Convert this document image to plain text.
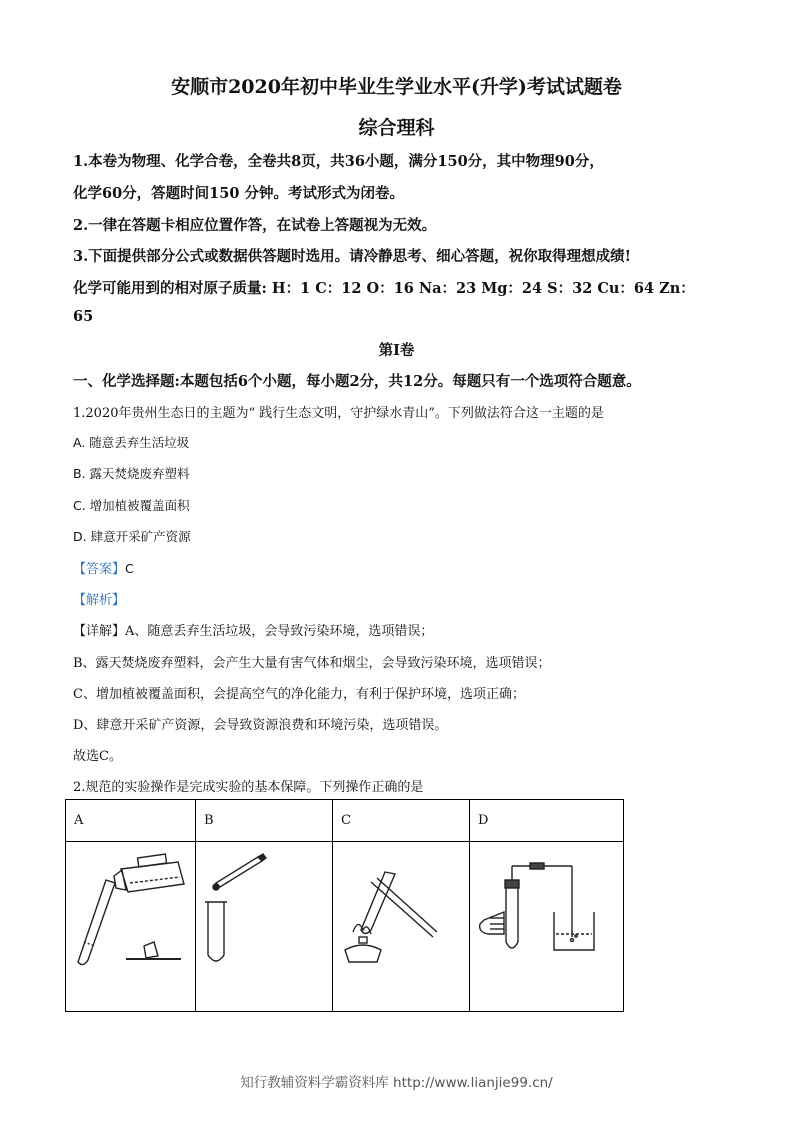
安顺市2020年初中毕业生学业水平(升学)考试试题卷
综合理科
1.本卷为物理、化学合卷，全卷共8页，共36小题，满分150分，其中物理90分，
化学60分，答题时间150 分钟。考试形式为闭卷。
2.一律在答题卡相应位置作答，在试卷上答题视为无效。
3.下面提供部分公式或数据供答题时选用。请冷静思考、细心答题，祝你取得理想成绩!
化学可能用到的相对原子质量: H：1 C：12 O：16 Na：23 Mg：24 S：32 Cu：64 Zn：
65
第I卷
一、化学选择题:本题包括6个小题，每小题2分，共12分。每题只有一个选项符合题意。
1.2020年贵州生态日的主题为“ 践行生态文明，守护绿水青山”。下列做法符合这一主题的是
A. 随意丢弃生活垃圾
B. 露天焚烧废弃塑料
C. 增加植被覆盖面积
D. 肆意开采矿产资源
【答案】C
【解析】
【详解】A、随意丢弃生活垃圾，会导致污染环境，选项错误；
B、露天焚烧废弃塑料，会产生大量有害气体和烟尘，会导致污染环境，选项错误；
C、增加植被覆盖面积，会提高空气的净化能力，有利于保护环境，选项正确；
D、肆意开采矿产资源，会导致资源浪费和环境污染，选项错误。
故选C。
2.规范的实验操作是完成实验的基本保障。下列操作正确的是
A	B	C	D

知行教辅资料学霸资料库 http://www.lianjie99.cn/
